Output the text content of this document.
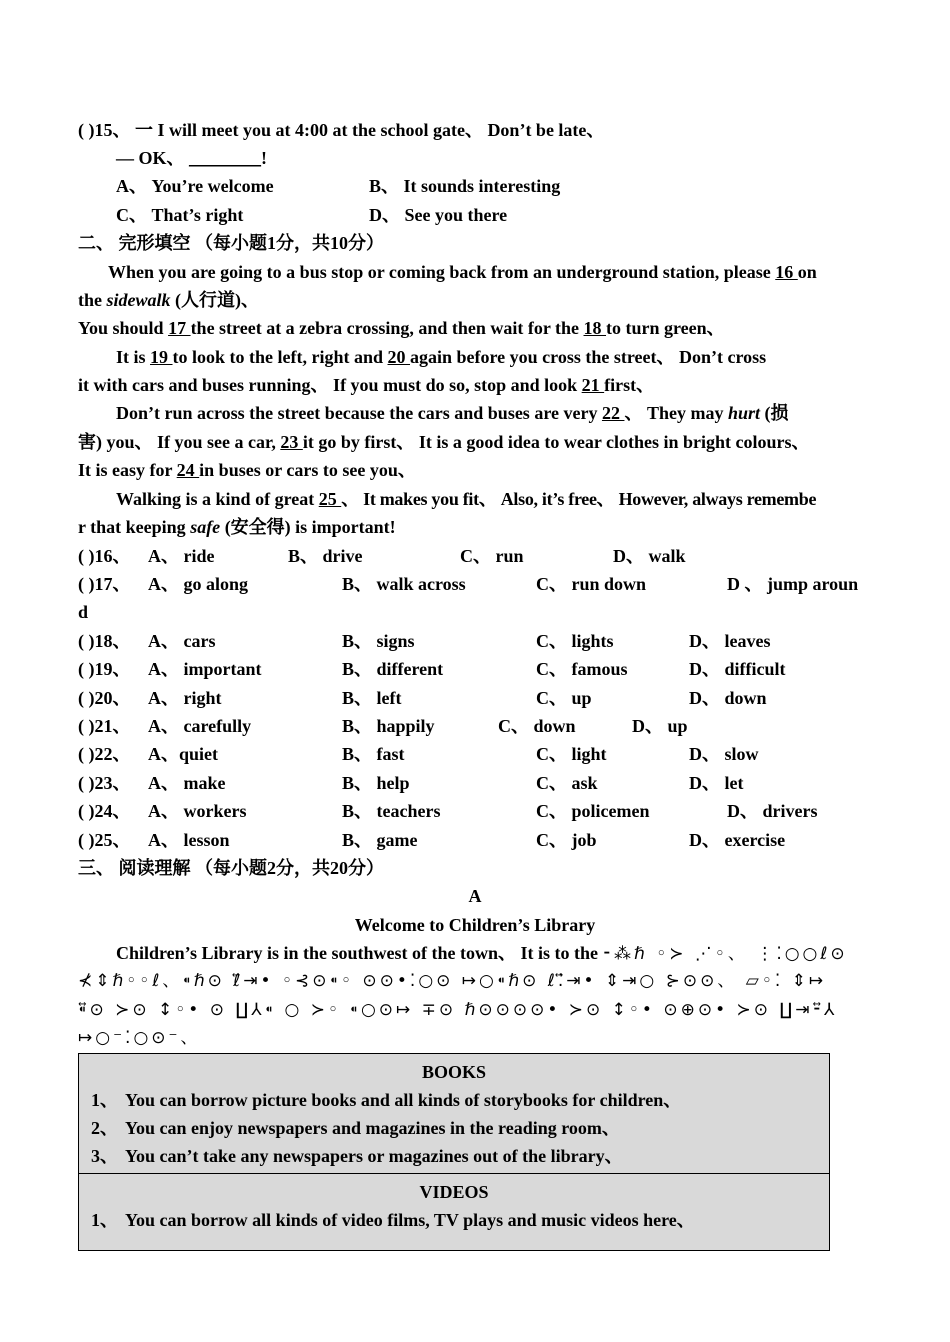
( )15、 一 I will meet you at 4:00 at the school gate、 Don’t be late、
— OK、 ________!
A、 You’re welcome	B、 It sounds interesting
C、 That’s right	D、 See you there
二、 完形填空 （每小题1分，共10分）
When you are going to a bus stop or coming back from an underground station, please 16 on
the sidewalk (人行道)、
You should 17 the street at a zebra crossing, and then wait for the 18 to turn green、
It is 19 to look to the left, right and 20 again before you cross the street、 Don’t cross
it with cars and buses running、 If you must do so, stop and look 21 first、
Don’t run across the street because the cars and buses are very 22 、 They may hurt (损
害) you、 If you see a car, 23 it go by first、 It is a good idea to wear clothes in bright colours、
It is easy for 24 in buses or cars to see you、
Walking is a kind of great 25 、 It makes you fit、 Also, it’s free、 However, always remembe
r that keeping safe (安全得) is important!
( )16、 A、 ride	B、 drive	C、 run	D、 walk
( )17、 A、 go along	B、 walk across	C、 run down	D 、 jump aroun
d
( )18、 A、 cars	B、 signs	C、 lights	D、 leaves
( )19、 A、 important	B、 different	C、 famous	D、 difficult
( )20、 A、 right	B、 left	C、 up	D、 down
( )21、 A、 carefully	B、 happily	C、 down	D、 up
( )22、 A、quiet	B、 fast	C、 light	D、 slow
( )23、 A、 make	B、 help	C、 ask	D、 let
( )24、 A、 workers	B、 teachers	C、 policemen	D、 drivers
( )25、 A、 lesson	B、 game	C、 job	D、 exercise
三、 阅读理解 （每小题2分，共20分）
A
Welcome to Children’s Library
Children’s Library is in the southwest of the town、 It is to the ⁃⁂ℏ ◦≻ ⋰◦、 ⋮⁚○○ℓ⊙
⊀⇕ℏ◦◦ℓ、⁌ℏ⊙ ℓ⃡⇥• ◦⊰⊙⁌◦ ⊙⊙•⁚○⊙ ↦○⁌ℏ⊙ ℓ⁚⃡⇥• ⇕⇥○ ⊱⊙⊙、 ▱◦⁚ ⇕↦
⁌⃡⊙ ≻⊙ ↕◦• ⊙ ∐⅄⁌ ○ ≻◦ ⁌○⊙↦ ∓⊙ ℏ⊙⊙⊙⊙• ≻⊙ ↕◦• ⊙⊕⊙• ≻⊙ ∐⇥⁃⃡⅄
↦○⁻⁚○⊙⁻、
BOOKS
1、 You can borrow picture books and all kinds of storybooks for children、
2、 You can enjoy newspapers and magazines in the reading room、
3、 You can’t take any newspapers or magazines out of the library、
VIDEOS
1、 You can borrow all kinds of video films, TV plays and music videos here、
